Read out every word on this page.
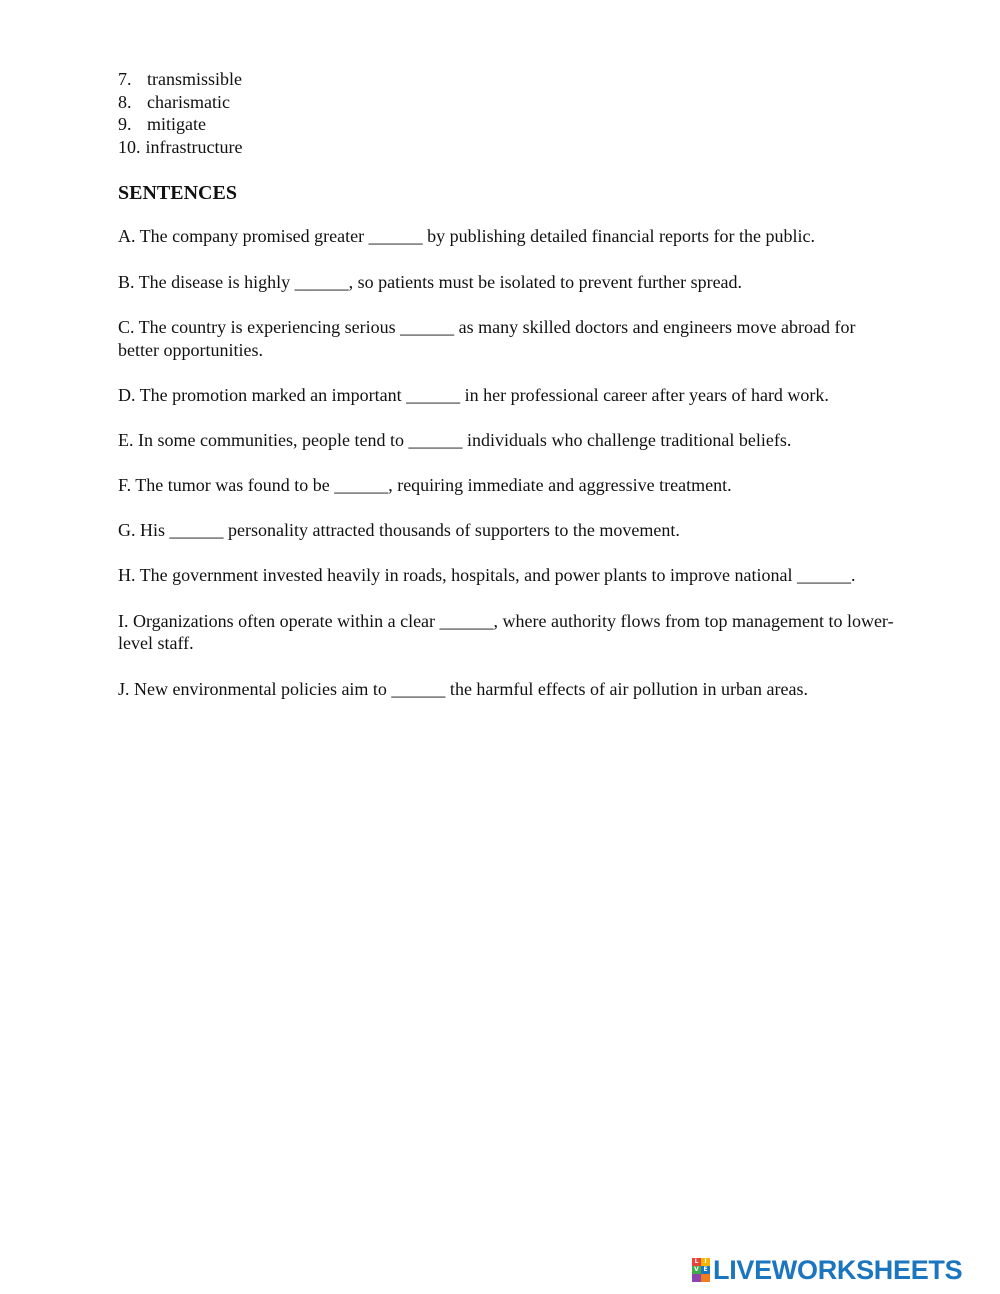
7. transmissible
8. charismatic
9. mitigate
10. infrastructure
SENTENCES

A. The company promised greater ______ by publishing detailed financial reports for the public.

B. The disease is highly ______, so patients must be isolated to prevent further spread.

C. The country is experiencing serious ______ as many skilled doctors and engineers move abroad for better opportunities.

D. The promotion marked an important ______ in her professional career after years of hard work.

E. In some communities, people tend to ______ individuals who challenge traditional beliefs.

F. The tumor was found to be ______, requiring immediate and aggressive treatment.

G. His ______ personality attracted thousands of supporters to the movement.

H. The government invested heavily in roads, hospitals, and power plants to improve national ______.

I. Organizations often operate within a clear ______, where authority flows from top management to lower-level staff.

J. New environmental policies aim to ______ the harmful effects of air pollution in urban areas.

L I
V E LIVEWORKSHEETS
